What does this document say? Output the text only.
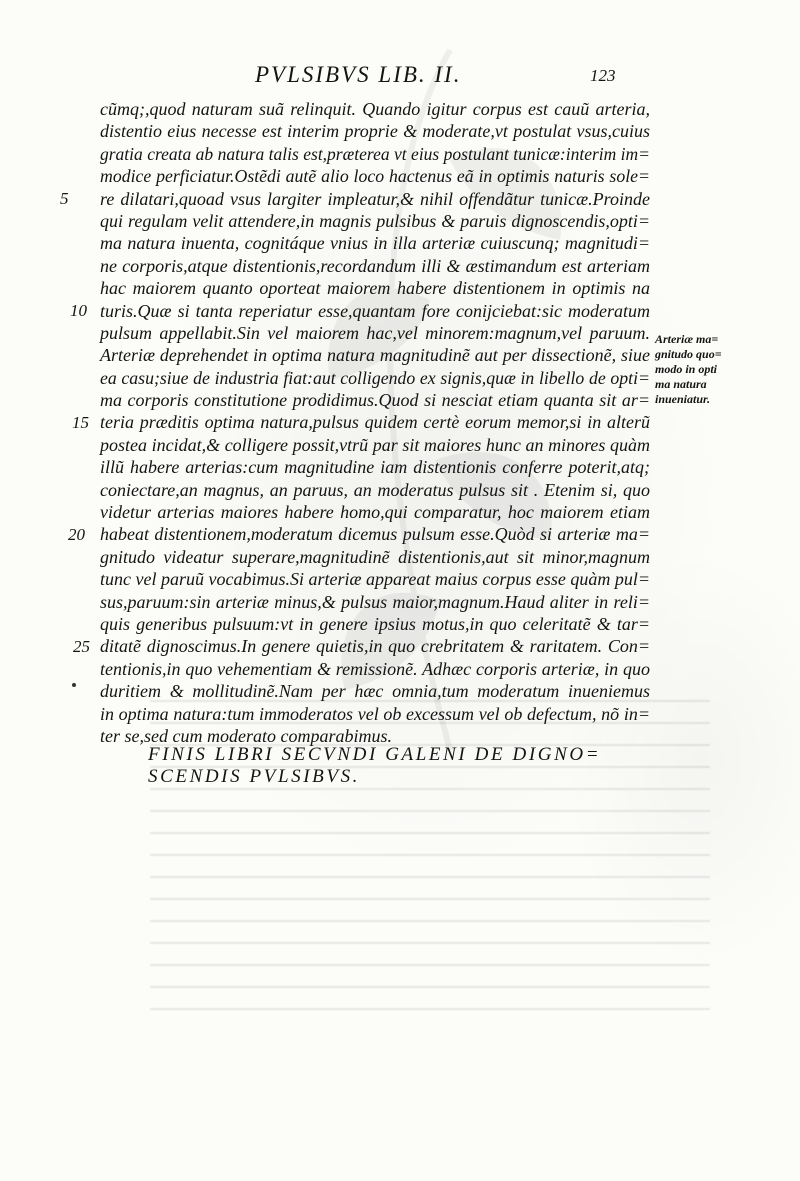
PVLSIBVS LIB. II.	123
cũmq;,quod naturam suã relinquit. Quando igitur corpus est cauũ arteria,
distentio eius necesse est interim proprie & moderate,vt postulat vsus,cuius
gratia creata ab natura talis est,præterea vt eius postulant tunicæ:interim im=
modice perficiatur.Ostẽdi autẽ alio loco hactenus eã in optimis naturis sole=
re dilatari,quoad vsus largiter impleatur,& nihil offendãtur tunicæ.Proinde
qui regulam velit attendere,in magnis pulsibus & paruis dignoscendis,opti=
ma natura inuenta, cognitáque vnius in illa arteriæ cuiuscunq; magnitudi=
ne corporis,atque distentionis,recordandum illi & æstimandum est arteriam
hac maiorem quanto oporteat maiorem habere distentionem in optimis na
turis.Quæ si tanta reperiatur esse,quantam fore conijciebat:sic moderatum
pulsum appellabit.Sin vel maiorem hac,vel minorem:magnum,vel paruum.
Arteriæ deprehendet in optima natura magnitudinẽ aut per dissectionẽ, siue
ea casu;siue de industria fiat:aut colligendo ex signis,quæ in libello de opti=
ma corporis constitutione prodidimus.Quod si nesciat etiam quanta sit ar=
teria præditis optima natura,pulsus quidem certè eorum memor,si in alterũ
postea incidat,& colligere possit,vtrũ par sit maiores hunc an minores quàm
illũ habere arterias:cum magnitudine iam distentionis conferre poterit,atq;
coniectare,an magnus, an paruus, an moderatus pulsus sit . Etenim si, quo
videtur arterias maiores habere homo,qui comparatur, hoc maiorem etiam
habeat distentionem,moderatum dicemus pulsum esse.Quòd si arteriæ ma=
gnitudo videatur superare,magnitudinẽ distentionis,aut sit minor,magnum
tunc vel paruũ vocabimus.Si arteriæ appareat maius corpus esse quàm pul=
sus,paruum:sin arteriæ minus,& pulsus maior,magnum.Haud aliter in reli=
quis generibus pulsuum:vt in genere ipsius motus,in quo celeritatẽ & tar=
ditatẽ dignoscimus.In genere quietis,in quo crebritatem & raritatem. Con=
tentionis,in quo vehementiam & remissionẽ. Adhæc corporis arteriæ, in quo
duritiem & mollitudinẽ.Nam per hæc omnia,tum moderatum inueniemus
in optima natura:tum immoderatos vel ob excessum vel ob defectum, nõ in=
ter se,sed cum moderato comparabimus.
5
10
15
20
25
Arteriæ ma=
gnitudo quo=
modo in opti
ma natura
inueniatur.
FINIS LIBRI SECVNDI GALENI DE DIGNO=
SCENDIS PVLSIBVS.
